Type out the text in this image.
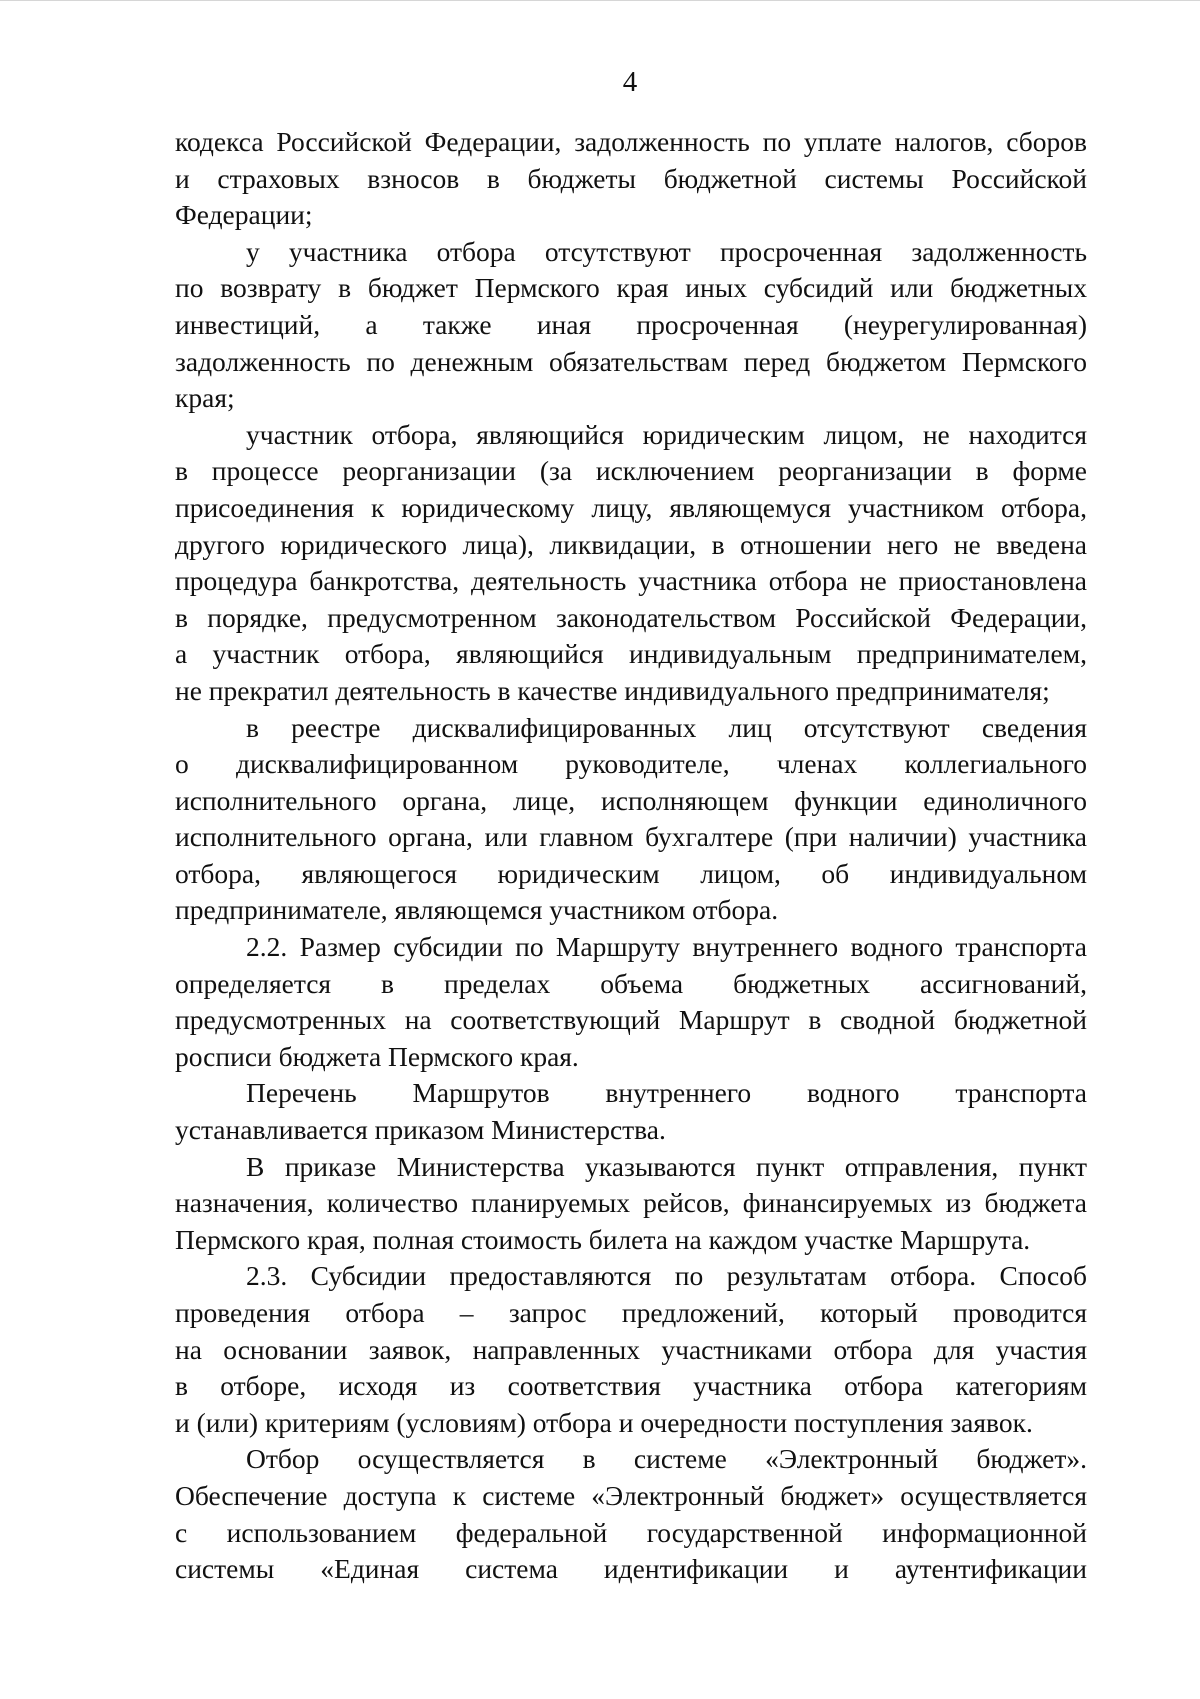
4
кодекса Российской Федерации, задолженность по уплате налогов, сборов
и страховых взносов в бюджеты бюджетной системы Российской
Федерации;
у участника отбора отсутствуют просроченная задолженность
по возврату в бюджет Пермского края иных субсидий или бюджетных
инвестиций, а также иная просроченная (неурегулированная)
задолженность по денежным обязательствам перед бюджетом Пермского
края;
участник отбора, являющийся юридическим лицом, не находится
в процессе реорганизации (за исключением реорганизации в форме
присоединения к юридическому лицу, являющемуся участником отбора,
другого юридического лица), ликвидации, в отношении него не введена
процедура банкротства, деятельность участника отбора не приостановлена
в порядке, предусмотренном законодательством Российской Федерации,
а участник отбора, являющийся индивидуальным предпринимателем,
не прекратил деятельность в качестве индивидуального предпринимателя;
в реестре дисквалифицированных лиц отсутствуют сведения
о дисквалифицированном руководителе, членах коллегиального
исполнительного органа, лице, исполняющем функции единоличного
исполнительного органа, или главном бухгалтере (при наличии) участника
отбора, являющегося юридическим лицом, об индивидуальном
предпринимателе, являющемся участником отбора.
2.2. Размер субсидии по Маршруту внутреннего водного транспорта
определяется в пределах объема бюджетных ассигнований,
предусмотренных на соответствующий Маршрут в сводной бюджетной
росписи бюджета Пермского края.
Перечень Маршрутов внутреннего водного транспорта
устанавливается приказом Министерства.
В приказе Министерства указываются пункт отправления, пункт
назначения, количество планируемых рейсов, финансируемых из бюджета
Пермского края, полная стоимость билета на каждом участке Маршрута.
2.3. Субсидии предоставляются по результатам отбора. Способ
проведения отбора – запрос предложений, который проводится
на основании заявок, направленных участниками отбора для участия
в отборе, исходя из соответствия участника отбора категориям
и (или) критериям (условиям) отбора и очередности поступления заявок.
Отбор осуществляется в системе «Электронный бюджет».
Обеспечение доступа к системе «Электронный бюджет» осуществляется
с использованием федеральной государственной информационной
системы «Единая система идентификации и аутентификации
